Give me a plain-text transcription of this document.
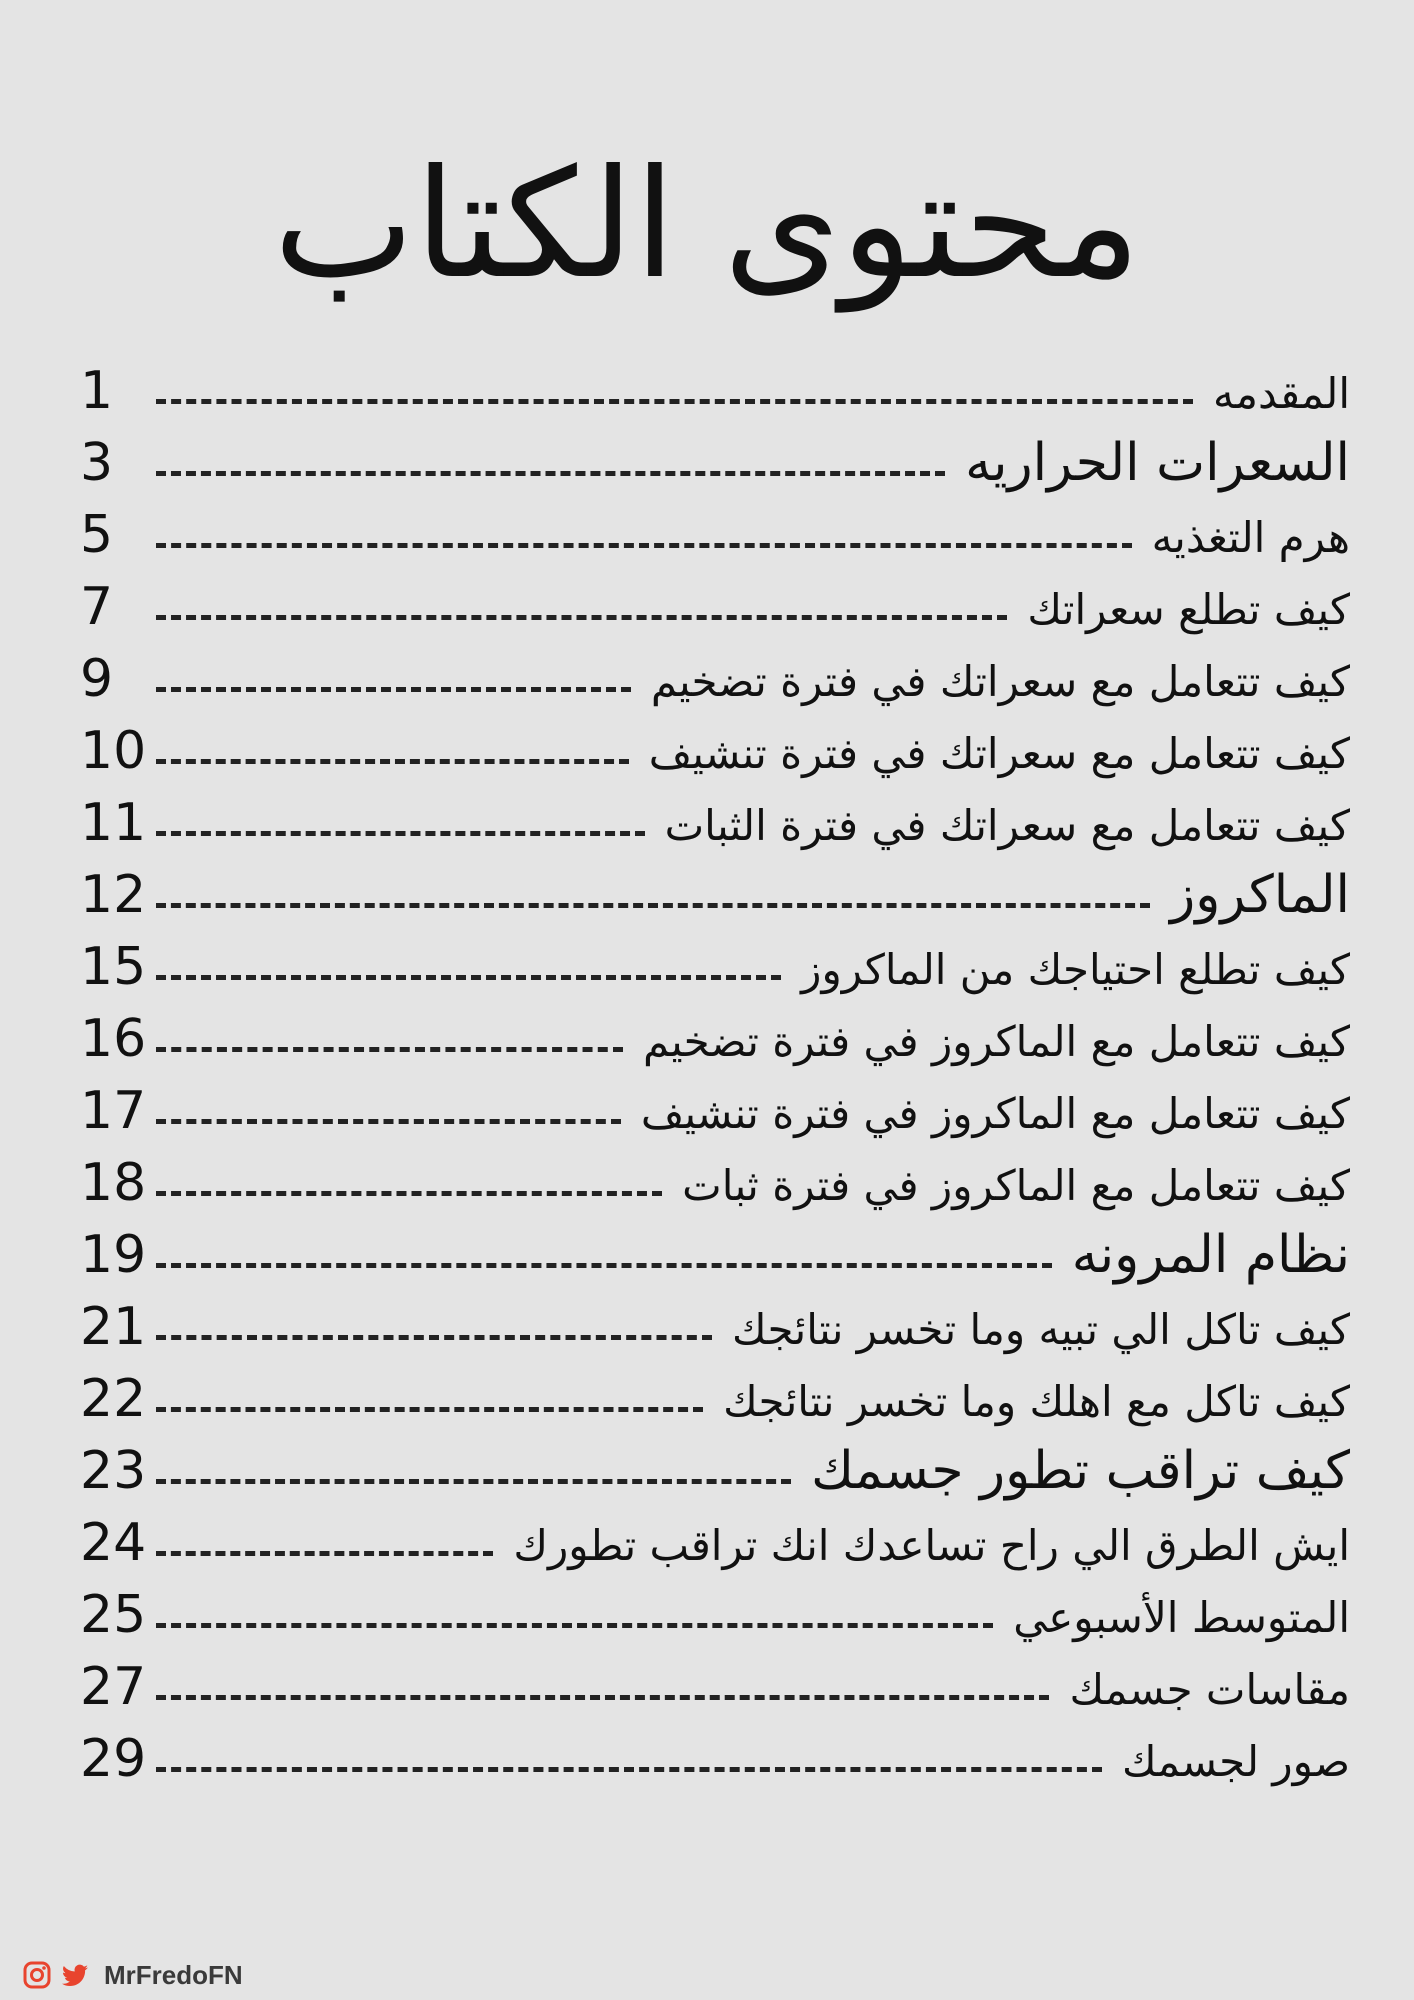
محتوى الكتاب
المقدمه
1
السعرات الحراريه
3
هرم التغذيه
5
كيف تطلع سعراتك
7
كيف تتعامل مع سعراتك في فترة تضخيم
9
كيف تتعامل مع سعراتك في فترة تنشيف
10
كيف تتعامل مع سعراتك في فترة الثبات
11
الماكروز
12
كيف تطلع احتياجك من الماكروز
15
كيف تتعامل مع الماكروز في فترة تضخيم
16
كيف تتعامل مع الماكروز في فترة تنشيف
17
كيف تتعامل مع الماكروز في فترة ثبات
18
نظام المرونه
19
كيف تاكل الي تبيه وما تخسر نتائجك
21
كيف تاكل مع اهلك وما تخسر نتائجك
22
كيف تراقب تطور جسمك
23
ايش الطرق الي راح تساعدك انك تراقب تطورك
24
المتوسط الأسبوعي
25
مقاسات جسمك
27
صور لجسمك
29
MrFredoFN
